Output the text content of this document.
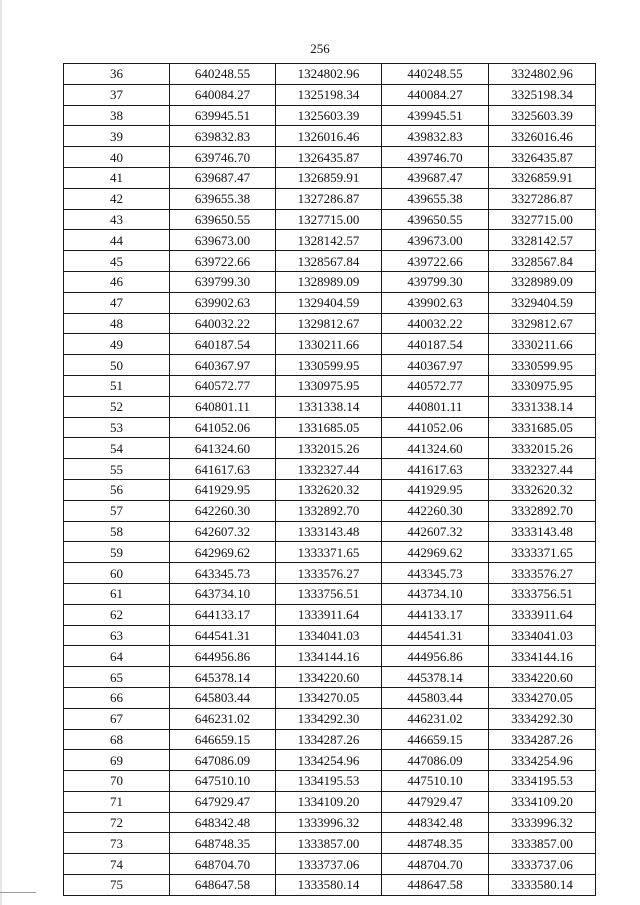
256
36	640248.55	1324802.96	440248.55	3324802.96
37	640084.27	1325198.34	440084.27	3325198.34
38	639945.51	1325603.39	439945.51	3325603.39
39	639832.83	1326016.46	439832.83	3326016.46
40	639746.70	1326435.87	439746.70	3326435.87
41	639687.47	1326859.91	439687.47	3326859.91
42	639655.38	1327286.87	439655.38	3327286.87
43	639650.55	1327715.00	439650.55	3327715.00
44	639673.00	1328142.57	439673.00	3328142.57
45	639722.66	1328567.84	439722.66	3328567.84
46	639799.30	1328989.09	439799.30	3328989.09
47	639902.63	1329404.59	439902.63	3329404.59
48	640032.22	1329812.67	440032.22	3329812.67
49	640187.54	1330211.66	440187.54	3330211.66
50	640367.97	1330599.95	440367.97	3330599.95
51	640572.77	1330975.95	440572.77	3330975.95
52	640801.11	1331338.14	440801.11	3331338.14
53	641052.06	1331685.05	441052.06	3331685.05
54	641324.60	1332015.26	441324.60	3332015.26
55	641617.63	1332327.44	441617.63	3332327.44
56	641929.95	1332620.32	441929.95	3332620.32
57	642260.30	1332892.70	442260.30	3332892.70
58	642607.32	1333143.48	442607.32	3333143.48
59	642969.62	1333371.65	442969.62	3333371.65
60	643345.73	1333576.27	443345.73	3333576.27
61	643734.10	1333756.51	443734.10	3333756.51
62	644133.17	1333911.64	444133.17	3333911.64
63	644541.31	1334041.03	444541.31	3334041.03
64	644956.86	1334144.16	444956.86	3334144.16
65	645378.14	1334220.60	445378.14	3334220.60
66	645803.44	1334270.05	445803.44	3334270.05
67	646231.02	1334292.30	446231.02	3334292.30
68	646659.15	1334287.26	446659.15	3334287.26
69	647086.09	1334254.96	447086.09	3334254.96
70	647510.10	1334195.53	447510.10	3334195.53
71	647929.47	1334109.20	447929.47	3334109.20
72	648342.48	1333996.32	448342.48	3333996.32
73	648748.35	1333857.00	448748.35	3333857.00
74	648704.70	1333737.06	448704.70	3333737.06
75	648647.58	1333580.14	448647.58	3333580.14
